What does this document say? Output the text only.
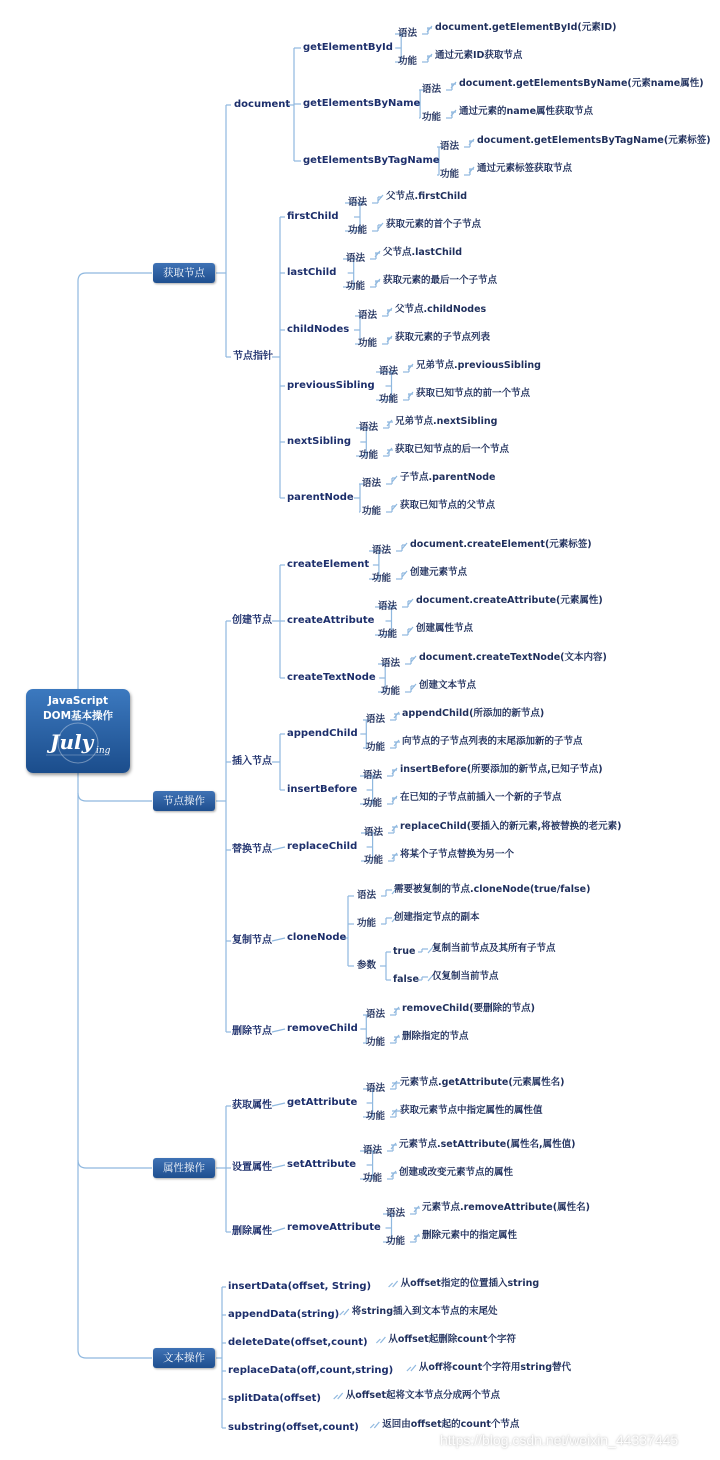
JavaScript
DOM基本操作
July ing
获取节点
节点操作
属性操作
文本操作
document
节点指针
getElementById
语法
功能
document.getElementById(元素ID)
通过元素ID获取节点
getElementsByName
语法
功能
document.getElementsByName(元素name属性)
通过元素的name属性获取节点
getElementsByTagName
语法
功能
document.getElementsByTagName(元素标签)
通过元素标签获取节点
firstChild
语法
功能
父节点.firstChild
获取元素的首个子节点
lastChild
语法
功能
父节点.lastChild
获取元素的最后一个子节点
childNodes
语法
功能
父节点.childNodes
获取元素的子节点列表
previousSibling
语法
功能
兄弟节点.previousSibling
获取已知节点的前一个节点
nextSibling
语法
功能
兄弟节点.nextSibling
获取已知节点的后一个节点
parentNode
语法
功能
子节点.parentNode
获取已知节点的父节点
创建节点
插入节点
替换节点
复制节点
删除节点
createElement
语法
功能
document.createElement(元素标签)
创建元素节点
createAttribute
语法
功能
document.createAttribute(元素属性)
创建属性节点
createTextNode
语法
功能
document.createTextNode(文本内容)
创建文本节点
appendChild
语法
功能
appendChild(所添加的新节点)
向节点的子节点列表的末尾添加新的子节点
insertBefore
语法
功能
insertBefore(所要添加的新节点,已知子节点)
在已知的子节点前插入一个新的子节点
replaceChild
语法
功能
replaceChild(要插入的新元素,将被替换的老元素)
将某个子节点替换为另一个
cloneNode
语法
功能
参数
需要被复制的节点.cloneNode(true/false)
创建指定节点的副本
true 复制当前节点及其所有子节点
false 仅复制当前节点
removeChild
语法
功能
removeChild(要删除的节点)
删除指定的节点
获取属性
设置属性
删除属性
getAttribute
语法
功能
元素节点.getAttribute(元素属性名)
获取元素节点中指定属性的属性值
setAttribute
语法
功能
元素节点.setAttribute(属性名,属性值)
创建或改变元素节点的属性
removeAttribute
语法
功能
元素节点.removeAttribute(属性名)
删除元素中的指定属性
insertData(offset, String)	从offset指定的位置插入string
appendData(string) 将string插入到文本节点的末尾处
deleteDate(offset,count) 从offset起删除count个字符
replaceData(off,count,string)	从off将count个字符用string替代
splitData(offset)	从offset起将文本节点分成两个节点
substring(offset,count) 返回由offset起的count个节点
https://blog.csdn.net/weixin_44337445
